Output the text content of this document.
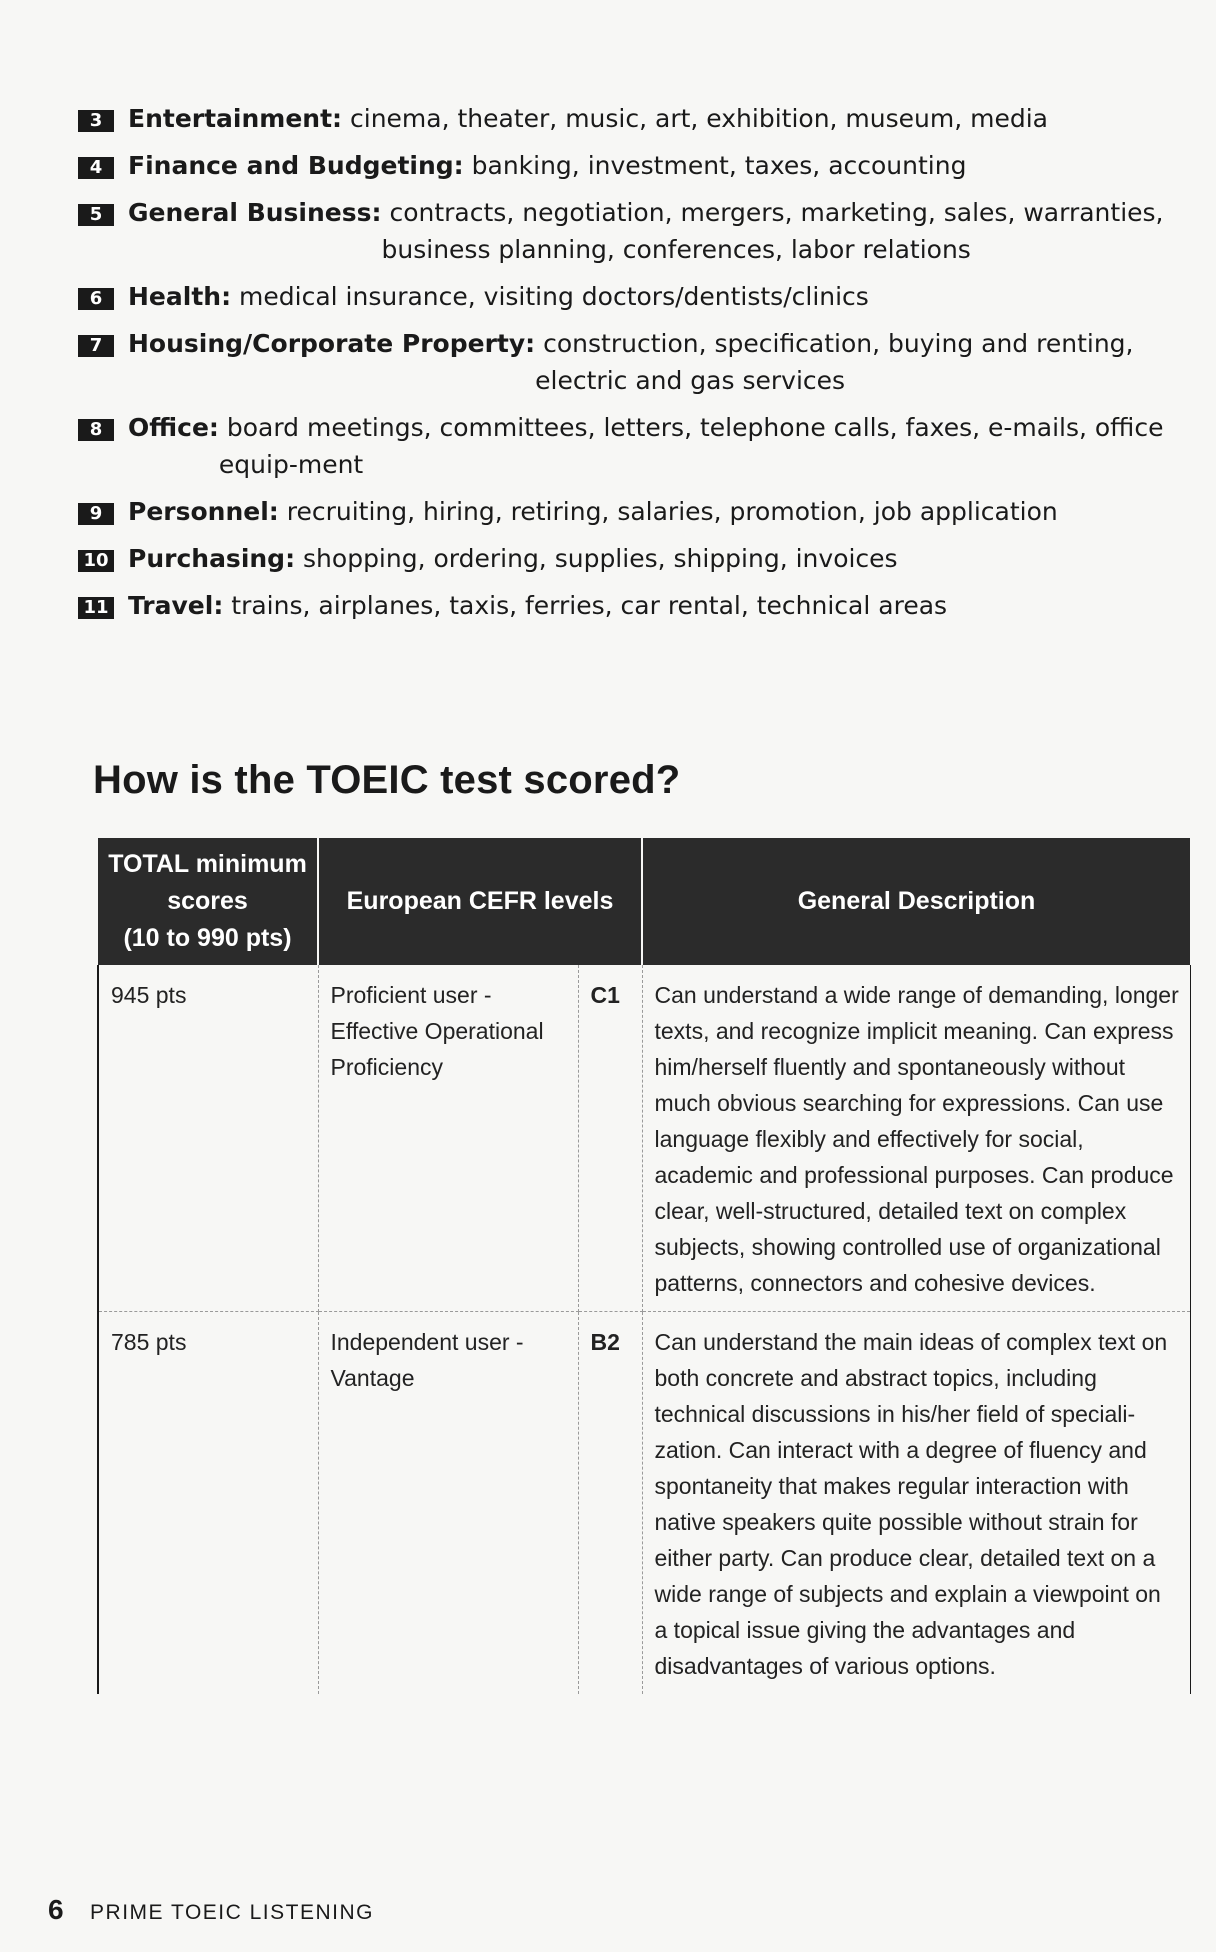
3	Entertainment: cinema, theater, music, art, exhibition, museum, media
4	Finance and Budgeting: banking, investment, taxes, accounting
5	General Business: contracts, negotiation, mergers, marketing, sales, warranties, business planning, conferences, labor relations
6	Health: medical insurance, visiting doctors/dentists/clinics
7	Housing/Corporate Property: construction, specification, buying and renting, electric and gas services
8	Office: board meetings, committees, letters, telephone calls, faxes, e-mails, office equip-ment
9	Personnel: recruiting, hiring, retiring, salaries, promotion, job application
10 Purchasing: shopping, ordering, supplies, shipping, invoices
11 Travel: trains, airplanes, taxis, ferries, car rental, technical areas
How is the TOEIC test scored?
TOTAL minimum
scores
(10 to 990 pts)	European CEFR levels		General Description
945 pts	Proficient user - Effective Operational Proficiency	C1	Can understand a wide range of demanding, longer texts, and recognize implicit meaning. Can express him/herself fluently and spontaneously without much obvious searching for expressions. Can use language flexibly and effectively for social, academic and professional purposes. Can produce clear, well-structured, detailed text on complex subjects, showing controlled use of organizational patterns, connectors and cohesive devices.
785 pts	Independent user - Vantage	B2	Can understand the main ideas of complex text on both concrete and abstract topics, including technical discussions in his/her field of speciali-zation. Can interact with a degree of fluency and spontaneity that makes regular interaction with native speakers quite possible without strain for either party. Can produce clear, detailed text on a wide range of subjects and explain a viewpoint on a topical issue giving the advantages and disadvantages of various options.
6 PRIME TOEIC LISTENING
